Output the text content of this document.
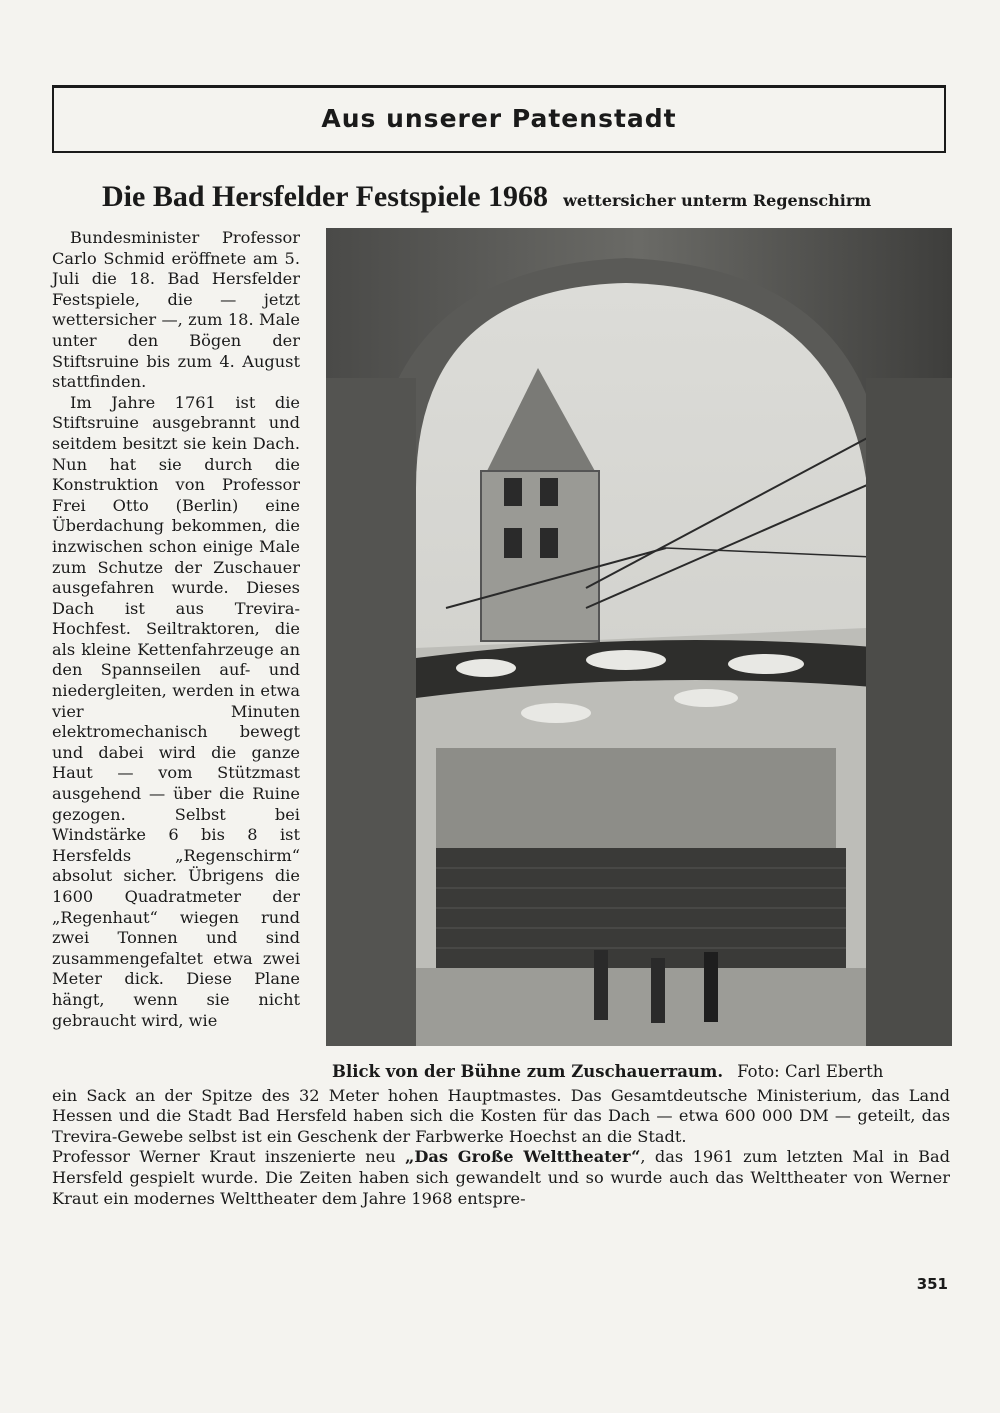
Aus unserer Patenstadt
Die Bad Hersfelder Festspiele 1968 wettersicher unterm Regenschirm

Bundesminister Professor Carlo Schmid eröffnete am 5. Juli die 18. Bad Hersfelder Festspiele, die — jetzt wettersicher —, zum 18. Male unter den Bögen der Stiftsruine bis zum 4. August stattfinden.

Im Jahre 1761 ist die Stiftsruine ausgebrannt und seitdem besitzt sie kein Dach. Nun hat sie durch die Konstruktion von Professor Frei Otto (Berlin) eine Überdachung bekommen, die inzwischen schon einige Male zum Schutze der Zuschauer ausgefahren wurde. Dieses Dach ist aus Trevira-Hochfest. Seiltraktoren, die als kleine Kettenfahrzeuge an den Spannseilen auf- und niedergleiten, werden in etwa vier Minuten elektromechanisch bewegt und dabei wird die ganze Haut — vom Stützmast ausgehend — über die Ruine gezogen. Selbst bei Windstärke 6 bis 8 ist Hersfelds „Regenschirm“ absolut sicher. Übrigens die 1600 Quadratmeter der „Regenhaut“ wiegen rund zwei Tonnen und sind zusammengefaltet etwa zwei Meter dick. Diese Plane hängt, wenn sie nicht gebraucht wird, wie

Blick von der Bühne zum Zuschauerraum. Foto: Carl Eberth

ein Sack an der Spitze des 32 Meter hohen Hauptmastes. Das Gesamtdeutsche Ministerium, das Land Hessen und die Stadt Bad Hersfeld haben sich die Kosten für das Dach — etwa 600 000 DM — geteilt, das Trevira-Gewebe selbst ist ein Geschenk der Farbwerke Hoechst an die Stadt.

Professor Werner Kraut inszenierte neu „Das Große Welttheater“, das 1961 zum letzten Mal in Bad Hersfeld gespielt wurde. Die Zeiten haben sich gewandelt und so wurde auch das Welttheater von Werner Kraut ein modernes Welttheater dem Jahre 1968 entspre-

351
